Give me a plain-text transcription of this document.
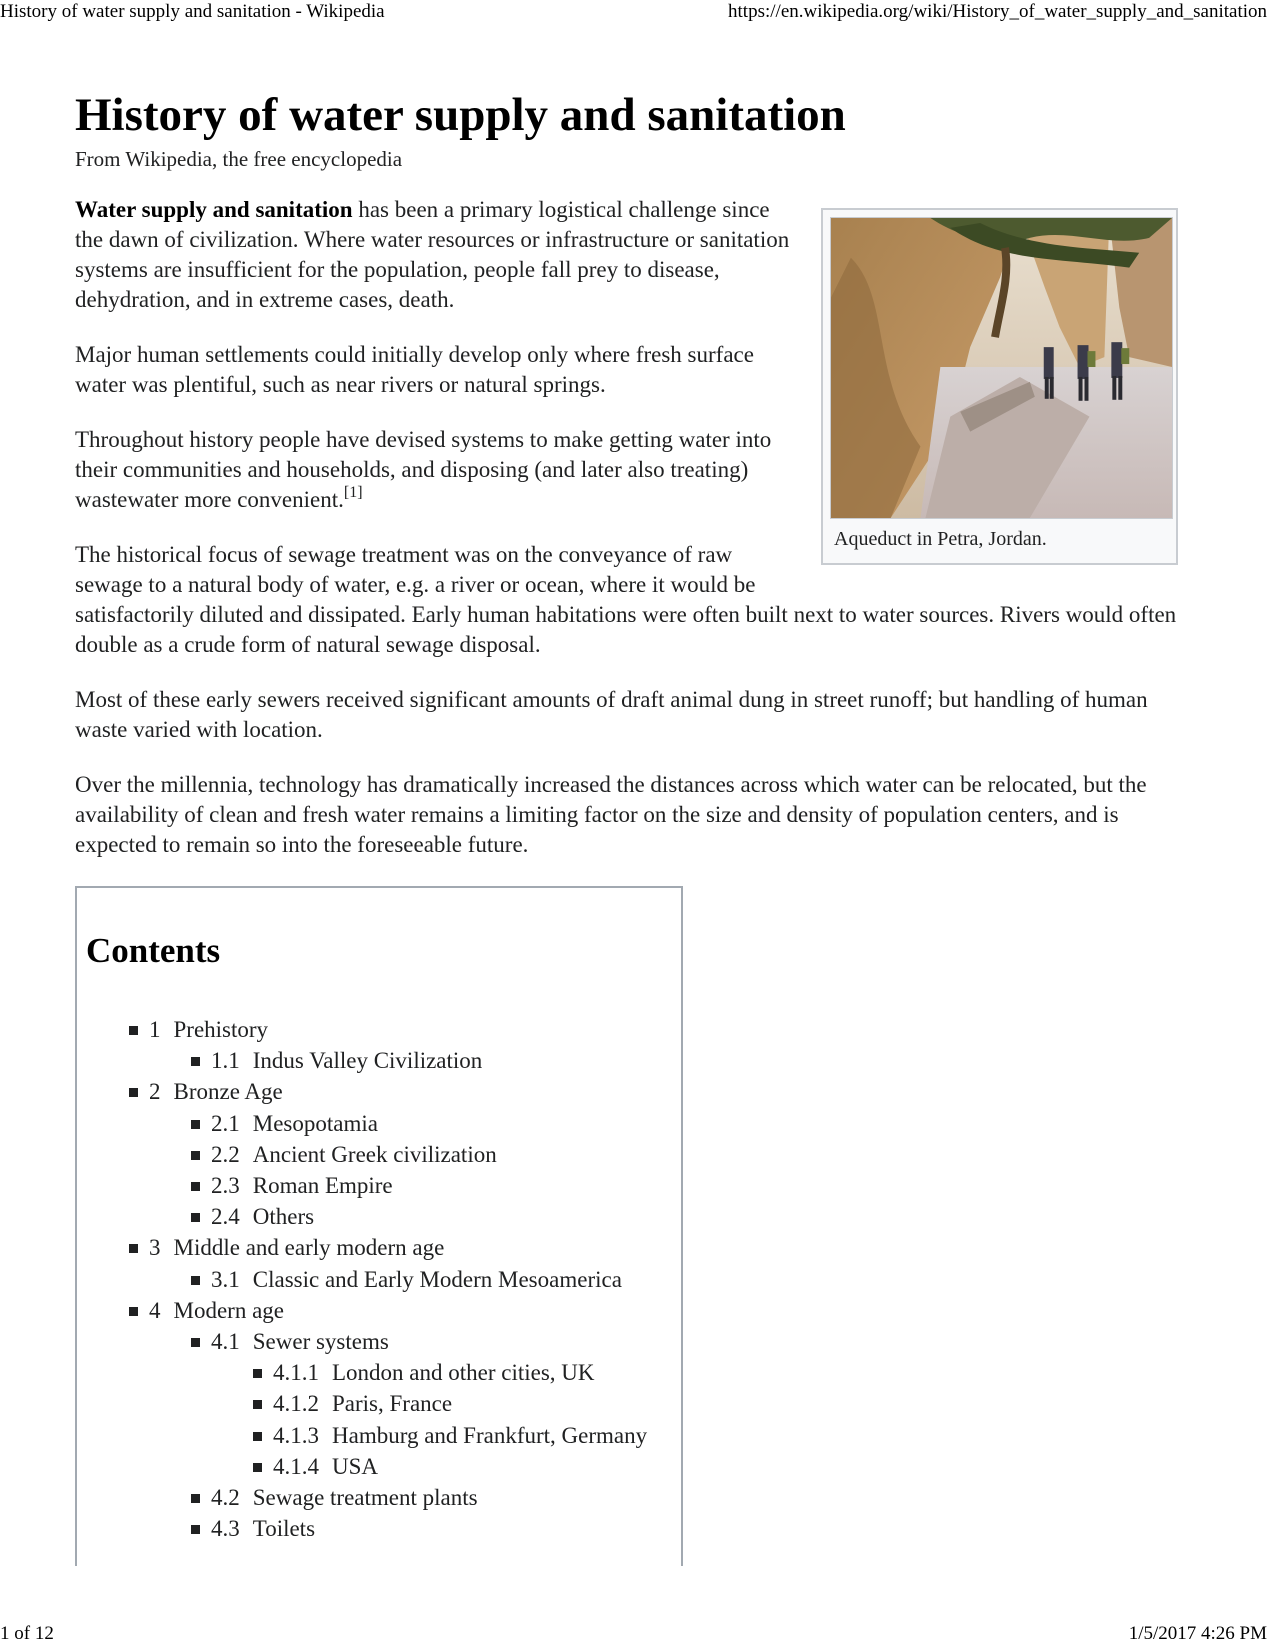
History of water supply and sanitation - Wikipedia	https://en.wikipedia.org/wiki/History_of_water_supply_and_sanitation
History of water supply and sanitation
From Wikipedia, the free encyclopedia
Aqueduct in Petra, Jordan.

Water supply and sanitation has been a primary logistical challenge since the dawn of civilization. Where water resources or infrastructure or sanitation systems are insufficient for the population, people fall prey to disease, dehydration, and in extreme cases, death.

Major human settlements could initially develop only where fresh surface water was plentiful, such as near rivers or natural springs.

Throughout history people have devised systems to make getting water into their communities and households, and disposing (and later also treating) wastewater more convenient.[1]

The historical focus of sewage treatment was on the conveyance of raw sewage to a natural body of water, e.g. a river or ocean, where it would be satisfactorily diluted and dissipated. Early human habitations were often built next to water sources. Rivers would often double as a crude form of natural sewage disposal.

Most of these early sewers received significant amounts of draft animal dung in street runoff; but handling of human waste varied with location.

Over the millennia, technology has dramatically increased the distances across which water can be relocated, but the availability of clean and fresh water remains a limiting factor on the size and density of population centers, and is expected to remain so into the foreseeable future.

Contents
1 Prehistory
1.1 Indus Valley Civilization
2 Bronze Age
2.1 Mesopotamia
2.2 Ancient Greek civilization
2.3 Roman Empire
2.4 Others
3 Middle and early modern age
3.1 Classic and Early Modern Mesoamerica
4 Modern age
4.1 Sewer systems
4.1.1 London and other cities, UK
4.1.2 Paris, France
4.1.3 Hamburg and Frankfurt, Germany
4.1.4 USA
4.2 Sewage treatment plants
4.3 Toilets
1 of 12	1/5/2017 4:26 PM
